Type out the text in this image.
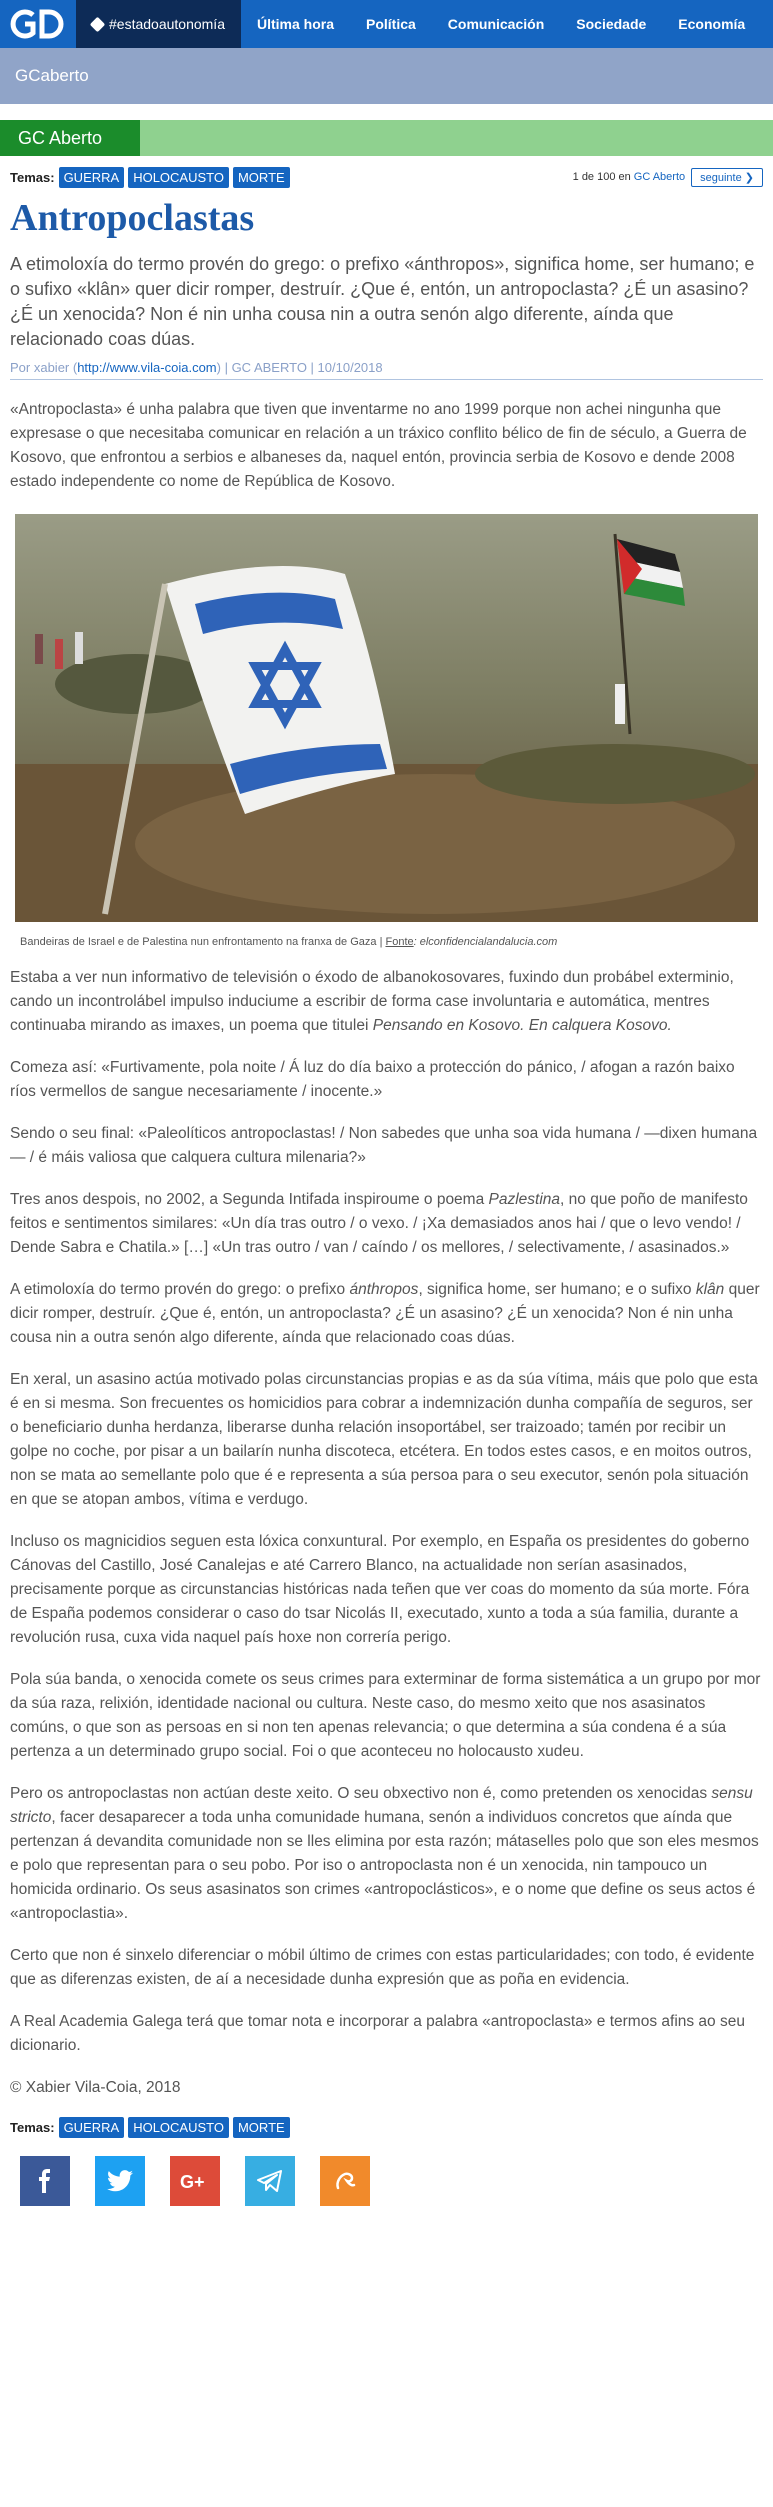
#estadoautonomía	Última hora	Política	Comunicación	Sociedade	Economía
GCaberto
GC Aberto
Temas: GUERRA	HOLOCAUSTO	MORTE	1 de 100 en GC Aberto	seguinte ❯
Antropoclastas

A etimoloxía do termo provén do grego: o prefixo «ánthropos», significa home, ser humano; e o sufixo «klân» quer dicir romper, destruír. ¿Que é, entón, un antropoclasta? ¿É un asasino? ¿É un xenocida? Non é nin unha cousa nin a outra senón algo diferente, aínda que relacionado coas dúas.

Por xabier (http://www.vila-coia.com) | GC ABERTO | 10/10/2018

«Antropoclasta» é unha palabra que tiven que inventarme no ano 1999 porque non achei ningunha que expresase o que necesitaba comunicar en relación a un tráxico conflito bélico de fin de século, a Guerra de Kosovo, que enfrontou a serbios e albaneses da, naquel entón, provincia serbia de Kosovo e dende 2008 estado independente co nome de República de Kosovo.

Bandeiras de Israel e de Palestina nun enfrontamento na franxa de Gaza | Fonte: elconfidencialandalucia.com

Estaba a ver nun informativo de televisión o éxodo de albanokosovares, fuxindo dun probábel exterminio, cando un incontrolábel impulso induciume a escribir de forma case involuntaria e automática, mentres continuaba mirando as imaxes, un poema que titulei Pensando en Kosovo. En calquera Kosovo.

Comeza así: «Furtivamente, pola noite / Á luz do día baixo a protección do pánico, / afogan a razón baixo ríos vermellos de sangue necesariamente / inocente.»

Sendo o seu final: «Paleolíticos antropoclastas! / Non sabedes que unha soa vida humana / —dixen humana— / é máis valiosa que calquera cultura milenaria?»

Tres anos despois, no 2002, a Segunda Intifada inspiroume o poema Pazlestina, no que poño de manifesto feitos e sentimentos similares: «Un día tras outro / o vexo. / ¡Xa demasiados anos hai / que o levo vendo! / Dende Sabra e Chatila.» […] «Un tras outro / van / caíndo / os mellores, / selectivamente, / asasinados.»

A etimoloxía do termo provén do grego: o prefixo ánthropos, significa home, ser humano; e o sufixo klân quer dicir romper, destruír. ¿Que é, entón, un antropoclasta? ¿É un asasino? ¿É un xenocida? Non é nin unha cousa nin a outra senón algo diferente, aínda que relacionado coas dúas.

En xeral, un asasino actúa motivado polas circunstancias propias e as da súa vítima, máis que polo que esta é en si mesma. Son frecuentes os homicidios para cobrar a indemnización dunha compañía de seguros, ser o beneficiario dunha herdanza, liberarse dunha relación insoportábel, ser traizoado; tamén por recibir un golpe no coche, por pisar a un bailarín nunha discoteca, etcétera. En todos estes casos, e en moitos outros, non se mata ao semellante polo que é e representa a súa persoa para o seu executor, senón pola situación en que se atopan ambos, vítima e verdugo.

Incluso os magnicidios seguen esta lóxica conxuntural. Por exemplo, en España os presidentes do goberno Cánovas del Castillo, José Canalejas e até Carrero Blanco, na actualidade non serían asasinados, precisamente porque as circunstancias históricas nada teñen que ver coas do momento da súa morte. Fóra de España podemos considerar o caso do tsar Nicolás II, executado, xunto a toda a súa familia, durante a revolución rusa, cuxa vida naquel país hoxe non correría perigo.

Pola súa banda, o xenocida comete os seus crimes para exterminar de forma sistemática a un grupo por mor da súa raza, relixión, identidade nacional ou cultura. Neste caso, do mesmo xeito que nos asasinatos comúns, o que son as persoas en si non ten apenas relevancia; o que determina a súa condena é a súa pertenza a un determinado grupo social. Foi o que aconteceu no holocausto xudeu.

Pero os antropoclastas non actúan deste xeito. O seu obxectivo non é, como pretenden os xenocidas sensu stricto, facer desaparecer a toda unha comunidade humana, senón a individuos concretos que aínda que pertenzan á devandita comunidade non se lles elimina por esta razón; mátaselles polo que son eles mesmos e polo que representan para o seu pobo. Por iso o antropoclasta non é un xenocida, nin tampouco un homicida ordinario. Os seus asasinatos son crimes «antropoclásticos», e o nome que define os seus actos é «antropoclastia».

Certo que non é sinxelo diferenciar o móbil último de crimes con estas particularidades; con todo, é evidente que as diferenzas existen, de aí a necesidade dunha expresión que as poña en evidencia.

A Real Academia Galega terá que tomar nota e incorporar a palabra «antropoclasta» e termos afins ao seu dicionario.

© Xabier Vila-Coia, 2018

Temas: GUERRA	HOLOCAUSTO	MORTE
G+
